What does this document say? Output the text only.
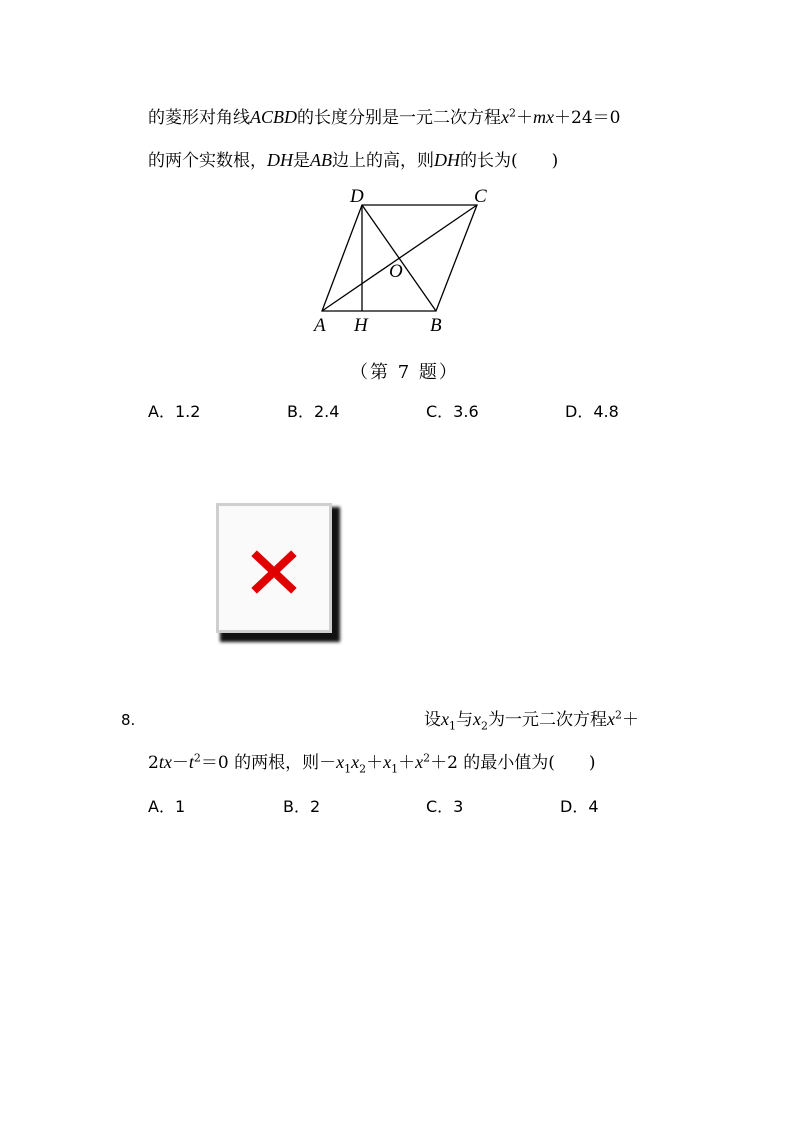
的菱形对角线ACBD的长度分别是一元二次方程$x^2+mx+24=0$
的两个实数根，DH是AB边上的高，则DH的长为(　　)
D	C
O
A H	B
（第 7 题）
A．1.2	B．2.4	C．3.6	D．4.8
8.	设$x_1$与$x_2$为一元二次方程$x^2+$
$2tx-t^2=0$ 的两根，则$-x_1x_2+x_1+x^2+2$ 的最小值为(　　)
A．1	B．2	C．3	D．4
